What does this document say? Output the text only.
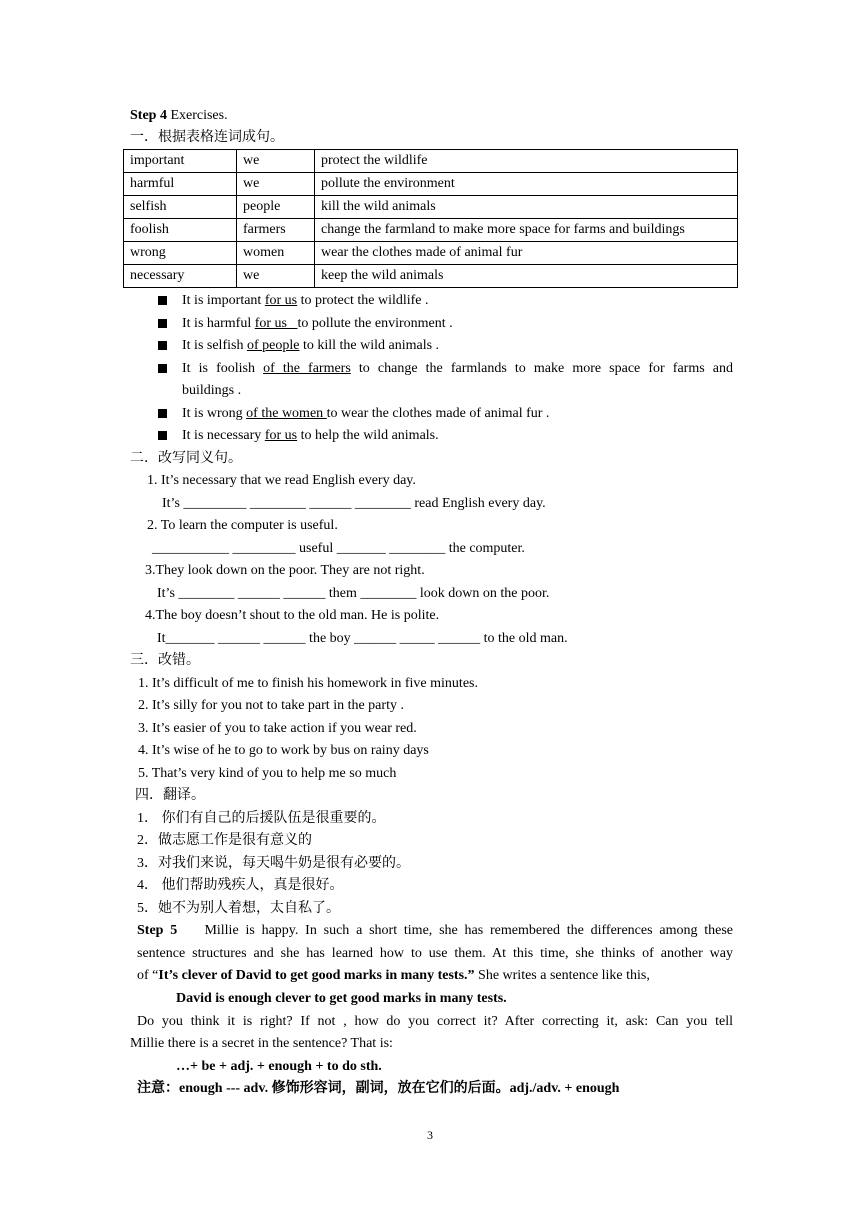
Step 4 Exercises.
一．根据表格连词成句。
important	we	protect the wildlife
harmful	we	pollute the environment
selfish	people	kill the wild animals
foolish	farmers	change the farmland to make more space for farms and buildings
wrong	women	wear the clothes made of animal fur
necessary	we	keep the wild animals
It is important for us to protect the wildlife .
It is harmful for us   to pollute the environment .
It is selfish of people to kill the wild animals .
It is foolish of the farmers to change the farmlands to make more space for farms and
buildings .
It is wrong of the women to wear the clothes made of animal fur .
It is necessary for us to help the wild animals.
二．改写同义句。
1. It’s necessary that we read English every day.
It’s _________ ________ ______ ________ read English every day.
2. To learn the computer is useful.
___________ _________ useful _______ ________ the computer.
3.They look down on the poor. They are not right.
It’s ________ ______ ______ them ________ look down on the poor.
4.The boy doesn’t shout to the old man. He is polite.
It_______ ______ ______ the boy ______ _____ ______ to the old man.
三．改错。
1. It’s difficult of me to finish his homework in five minutes.
2. It’s silly for you not to take part in the party .
3. It’s easier of you to take action if you wear red.
4. It’s wise of he to go to work by bus on rainy days
5. That’s very kind of you to help me so much
四．翻译。
1． 你们有自己的后援队伍是很重要的。
2．做志愿工作是很有意义的
3．对我们来说，每天喝牛奶是很有必要的。
4． 他们帮助残疾人，真是很好。
5．她不为别人着想，太自私了。
Step 5 Millie is happy. In such a short time, she has remembered the differences among these
sentence structures and she has learned how to use them. At this time, she thinks of another way
of “It’s clever of David to get good marks in many tests.” She writes a sentence like this,
David is enough clever to get good marks in many tests.
Do you think it is right? If not , how do you correct it? After correcting it, ask: Can you tell
Millie there is a secret in the sentence? That is:
…+ be + adj. + enough + to do sth.
注意：enough --- adv. 修饰形容词，副词，放在它们的后面。adj./adv. + enough
3
